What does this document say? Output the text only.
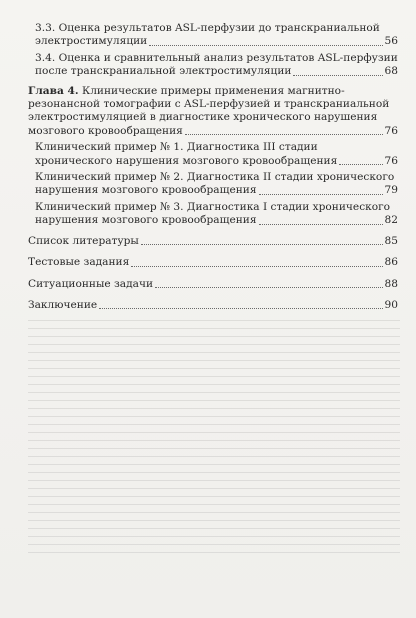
3.3. Оценка результатов ASL-перфузии до транскраниальной
электростимуляции	56
3.4. Оценка и сравнительный анализ результатов ASL-перфузии
после транскраниальной электростимуляции	68
Глава 4. Клинические примеры применения магнитно-
резонансной томографии с ASL-перфузией и транскраниальной
электростимуляцией в диагностике хронического нарушения
мозгового кровообращения	76
Клинический пример № 1. Диагностика III стадии
хронического нарушения мозгового кровообращения	76
Клинический пример № 2. Диагностика II стадии хронического
нарушения мозгового кровообращения	79
Клинический пример № 3. Диагностика I стадии хронического
нарушения мозгового кровообращения	82
Список литературы	85
Тестовые задания	86
Ситуационные задачи	88
Заключение	90
